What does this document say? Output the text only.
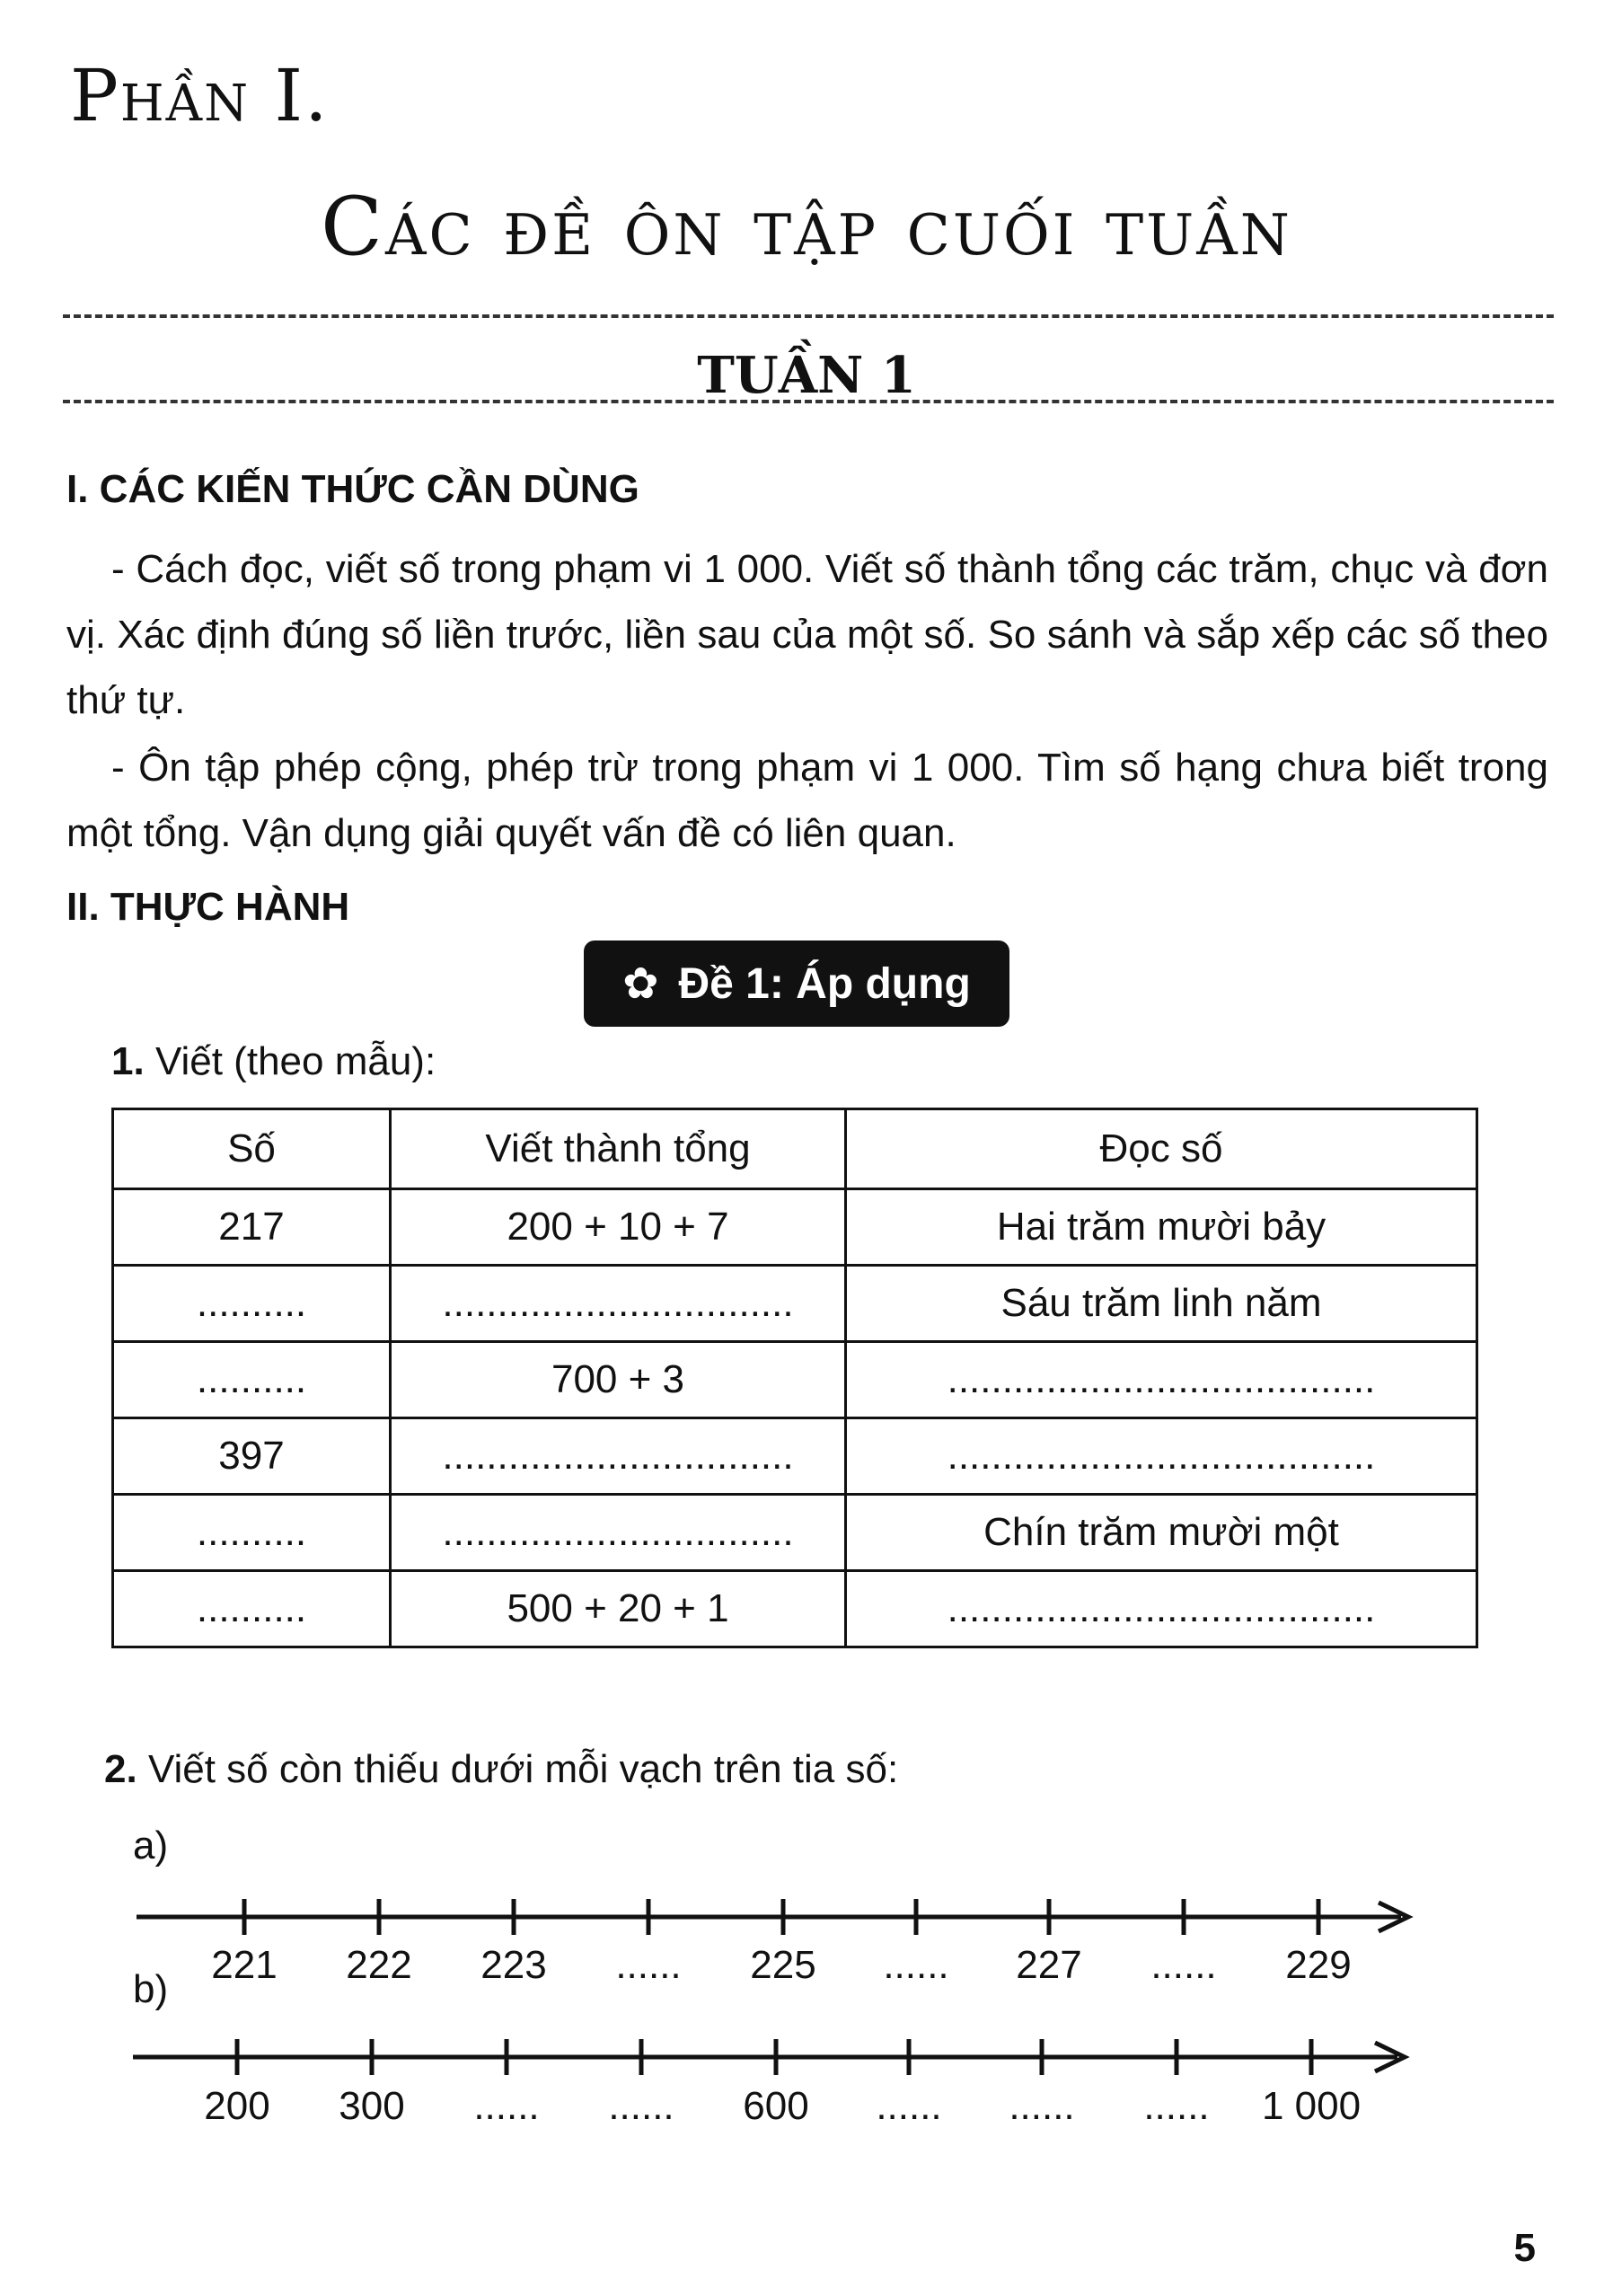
Phần I.
Các đề ôn tập cuối tuần
TUẦN 1
I. CÁC KIẾN THỨC CẦN DÙNG
- Cách đọc, viết số trong phạm vi 1 000. Viết số thành tổng các trăm, chục và đơn vị. Xác định đúng số liền trước, liền sau của một số. So sánh và sắp xếp các số theo thứ tự.
- Ôn tập phép cộng, phép trừ trong phạm vi 1 000. Tìm số hạng chưa biết trong một tổng. Vận dụng giải quyết vấn đề có liên quan.
II. THỰC HÀNH
✿ Đề 1: Áp dụng
1. Viết (theo mẫu):
Số	Viết thành tổng	Đọc số
217	200 + 10 + 7	Hai trăm mười bảy
..........	................................	Sáu trăm linh năm
..........	700 + 3	.......................................
397	................................	.......................................
..........	................................	Chín trăm mười một
..........	500 + 20 + 1	.......................................
2. Viết số còn thiếu dưới mỗi vạch trên tia số:
a)
b)
221	222	223	......	225	......	227	......	229
200	300	......	......	600	......	......	......	1 000
5
